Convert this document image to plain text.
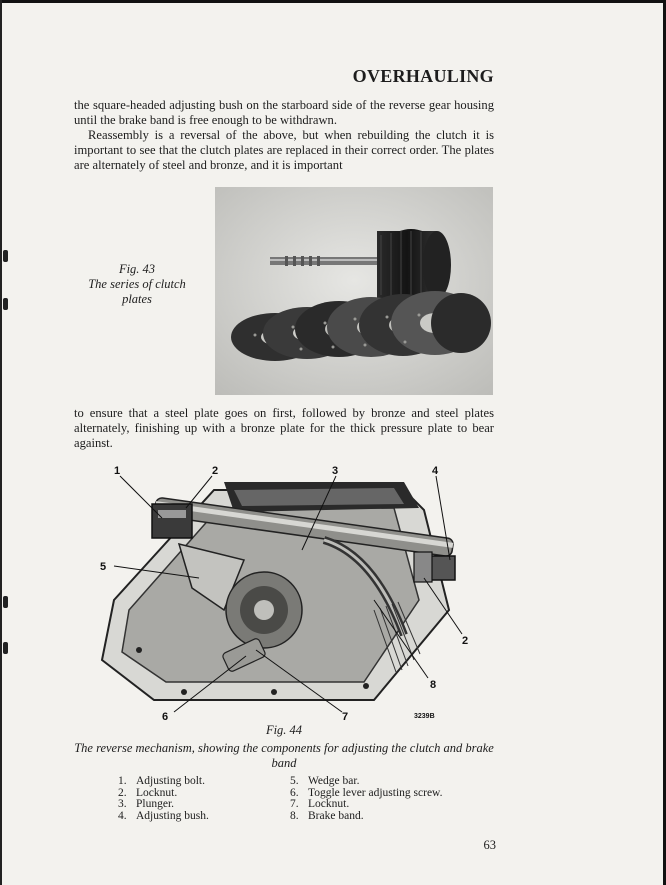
OVERHAULING

the square-headed adjusting bush on the starboard side of the reverse gear housing until the brake band is free enough to be withdrawn.

Reassembly is a reversal of the above, but when rebuilding the clutch it is important to see that the clutch plates are replaced in their correct order. The plates are alternately of steel and bronze, and it is important

Fig. 43
The series of clutch plates

to ensure that a steel plate goes on first, followed by bronze and steel plates alternately, finishing up with a bronze plate for the thick pressure plate to bear against.

1	2	3	4
5
2
8
6	7	3239B
Fig. 44
The reverse mechanism, showing the components for adjusting the clutch and brake band
1. Adjusting bolt.
2. Locknut.
3. Plunger.
4. Adjusting bush.
5. Wedge bar.
6. Toggle lever adjusting screw.
7. Locknut.
8. Brake band.
63
